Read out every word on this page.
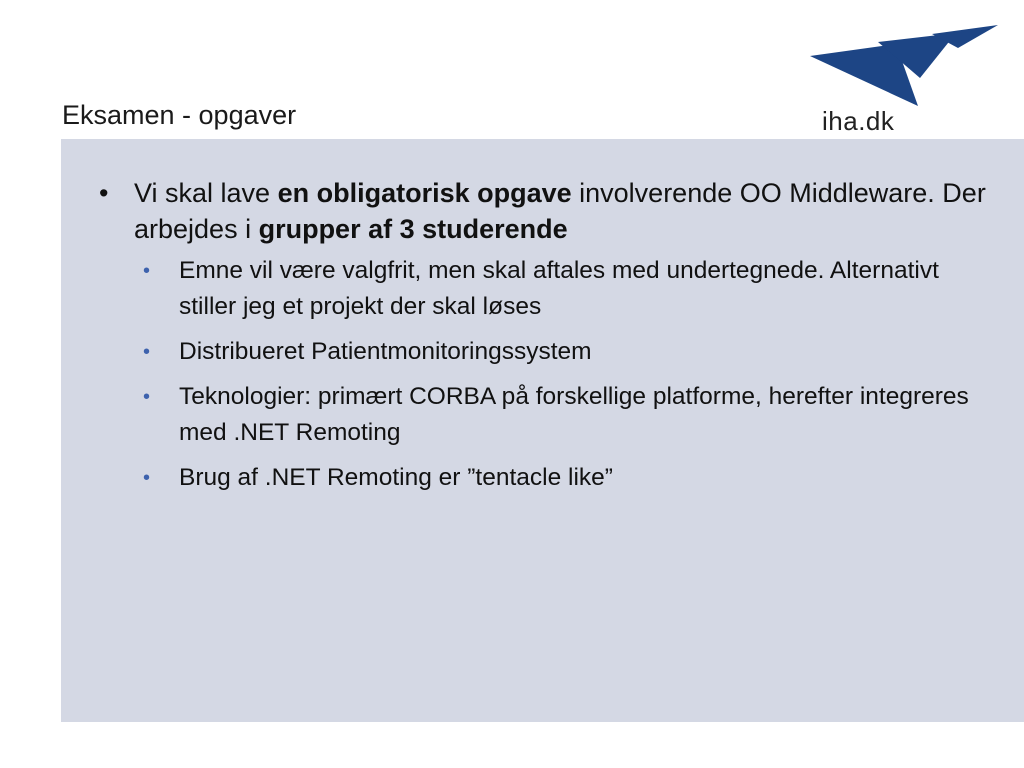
Eksamen - opgaver	iha.dk
• Vi skal lave en obligatorisk opgave involverende OO Middleware. Der arbejdes i grupper af 3 studerende
• Emne vil være valgfrit, men skal aftales med undertegnede. Alternativt stiller jeg et projekt der skal løses
• Distribueret Patientmonitoringssystem
• Teknologier: primært CORBA på forskellige platforme, herefter integreres med .NET Remoting
• Brug af .NET Remoting er ”tentacle like”
